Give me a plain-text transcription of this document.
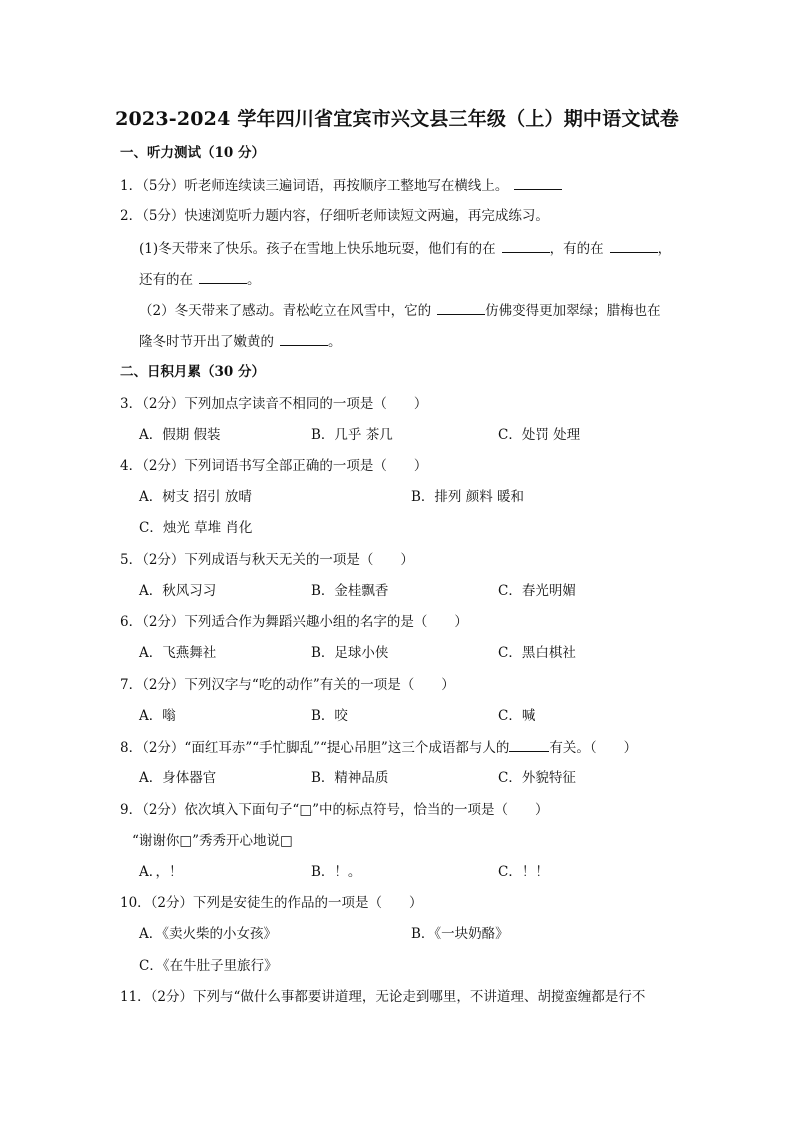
2023-2024 学年四川省宜宾市兴文县三年级（上）期中语文试卷
一、听力测试（10 分）
1．（5分）听老师连续读三遍词语，再按顺序工整地写在横线上。
2．（5分）快速浏览听力题内容，仔细听老师读短文两遍，再完成练习。
(1)冬天带来了快乐。孩子在雪地上快乐地玩耍，他们有的在	，有的在	，
还有的在	。
（2）冬天带来了感动。青松屹立在风雪中，它的	仿佛变得更加翠绿；腊梅也在
隆冬时节开出了嫩黄的	。
二、日积月累（30 分）
3．（2分）下列加点字读音不相同的一项是（　　）
A．假期 假装	B．几乎 茶几	C．处罚 处理
4．（2分）下列词语书写全部正确的一项是（　　）
A．树支 招引 放晴	B．排列 颜料 暖和
C．烛光 草堆 肖化
5．（2分）下列成语与秋天无关的一项是（　　）
A．秋风习习	B．金桂飘香	C．春光明媚
6．（2分）下列适合作为舞蹈兴趣小组的名字的是（　　）
A．飞燕舞社	B．足球小侠	C．黑白棋社
7．（2分）下列汉字与“吃的动作”有关的一项是（　　）
A．嗡	B．咬	C．喊
8．（2分）“面红耳赤”“手忙脚乱”“提心吊胆”这三个成语都与人的	有关。（　　）
A．身体器官	B．精神品质	C．外貌特征
9．（2分）依次填入下面句子“□”中的标点符号，恰当的一项是（　　）
“谢谢你□”秀秀开心地说□
A．，！	B．！。	C．！！
10．（2分）下列是安徒生的作品的一项是（　　）
A．《卖火柴的小女孩》	B．《一块奶酪》
C．《在牛肚子里旅行》
11．（2分）下列与“做什么事都要讲道理，无论走到哪里，不讲道理、胡搅蛮缠都是行不
